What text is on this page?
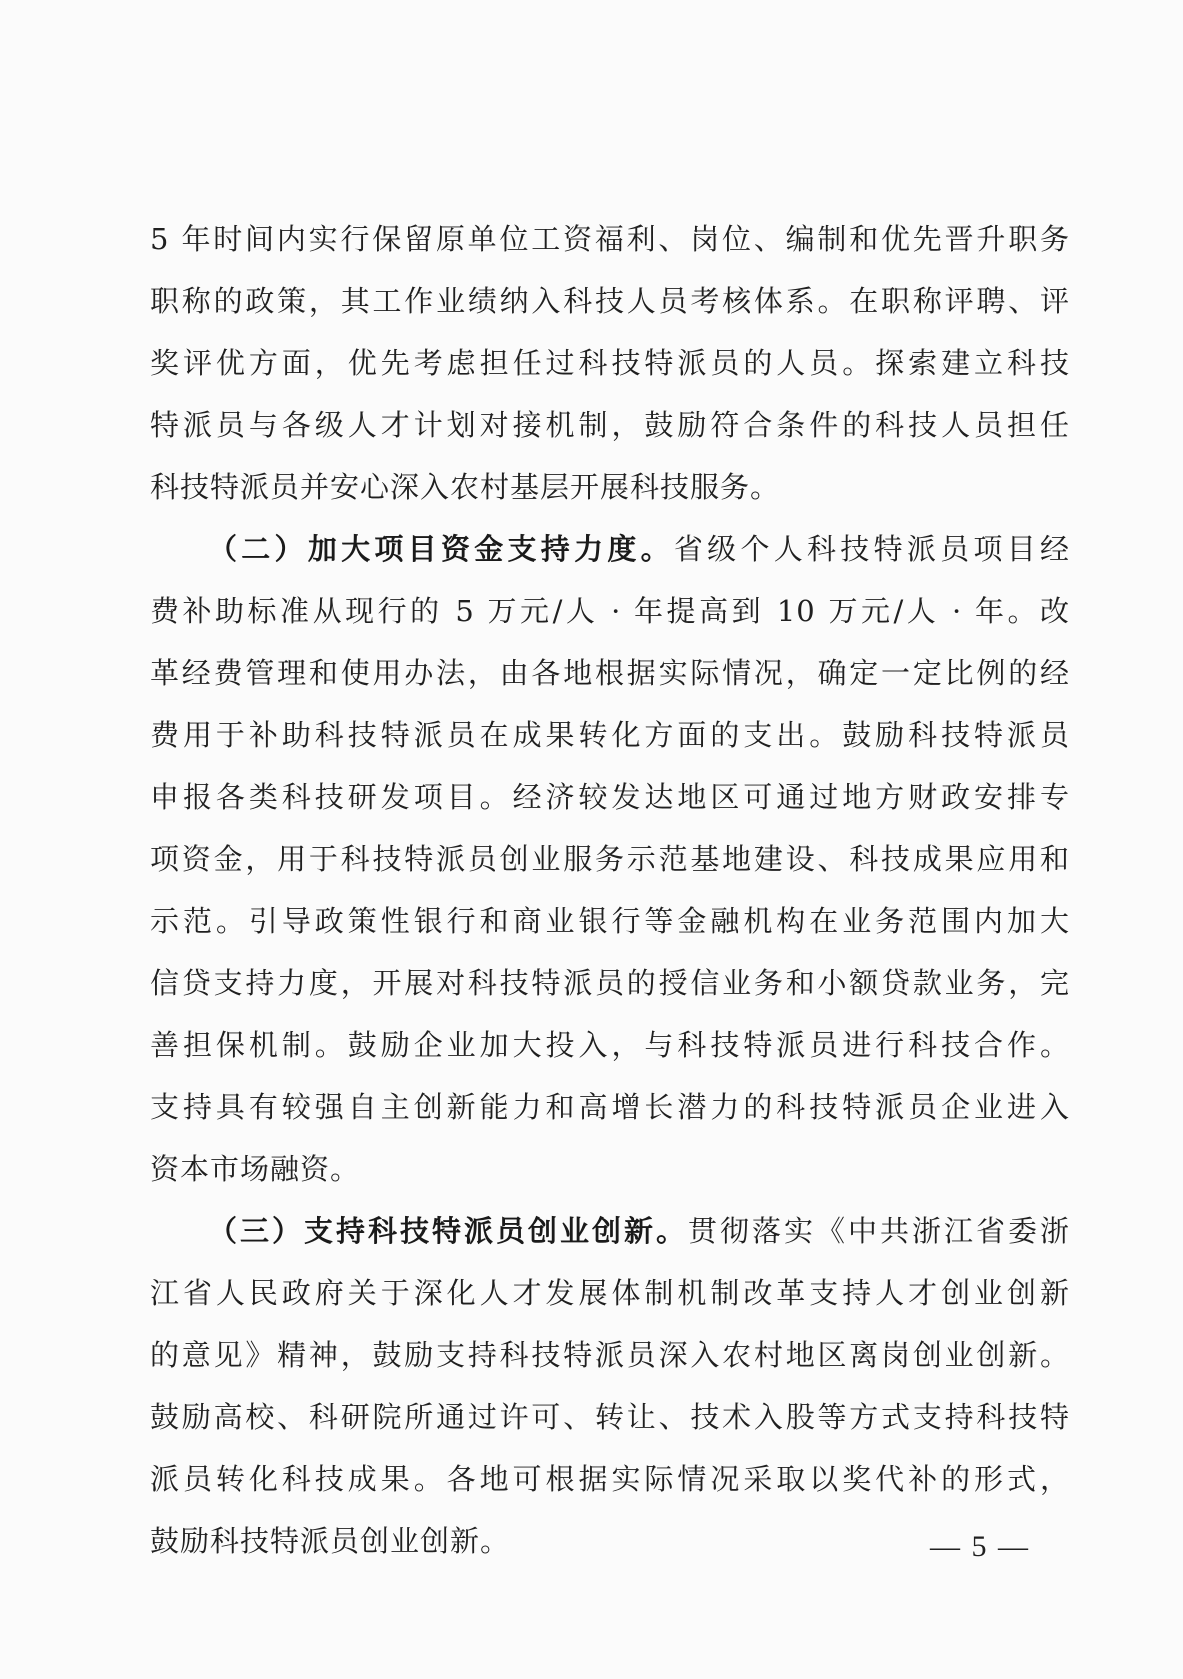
5 年时间内实行保留原单位工资福利、岗位、编制和优先晋升职务
职称的政策，其工作业绩纳入科技人员考核体系。在职称评聘、评
奖评优方面，优先考虑担任过科技特派员的人员。探索建立科技
特派员与各级人才计划对接机制，鼓励符合条件的科技人员担任
科技特派员并安心深入农村基层开展科技服务。
（二）加大项目资金支持力度。省级个人科技特派员项目经
费补助标准从现行的 5 万元/人 · 年提高到 10 万元/人 · 年。改
革经费管理和使用办法，由各地根据实际情况，确定一定比例的经
费用于补助科技特派员在成果转化方面的支出。鼓励科技特派员
申报各类科技研发项目。经济较发达地区可通过地方财政安排专
项资金，用于科技特派员创业服务示范基地建设、科技成果应用和
示范。引导政策性银行和商业银行等金融机构在业务范围内加大
信贷支持力度，开展对科技特派员的授信业务和小额贷款业务，完
善担保机制。鼓励企业加大投入，与科技特派员进行科技合作。
支持具有较强自主创新能力和高增长潜力的科技特派员企业进入
资本市场融资。
（三）支持科技特派员创业创新。贯彻落实《中共浙江省委浙
江省人民政府关于深化人才发展体制机制改革支持人才创业创新
的意见》精神，鼓励支持科技特派员深入农村地区离岗创业创新。
鼓励高校、科研院所通过许可、转让、技术入股等方式支持科技特
派员转化科技成果。各地可根据实际情况采取以奖代补的形式，
鼓励科技特派员创业创新。	— 5 —
